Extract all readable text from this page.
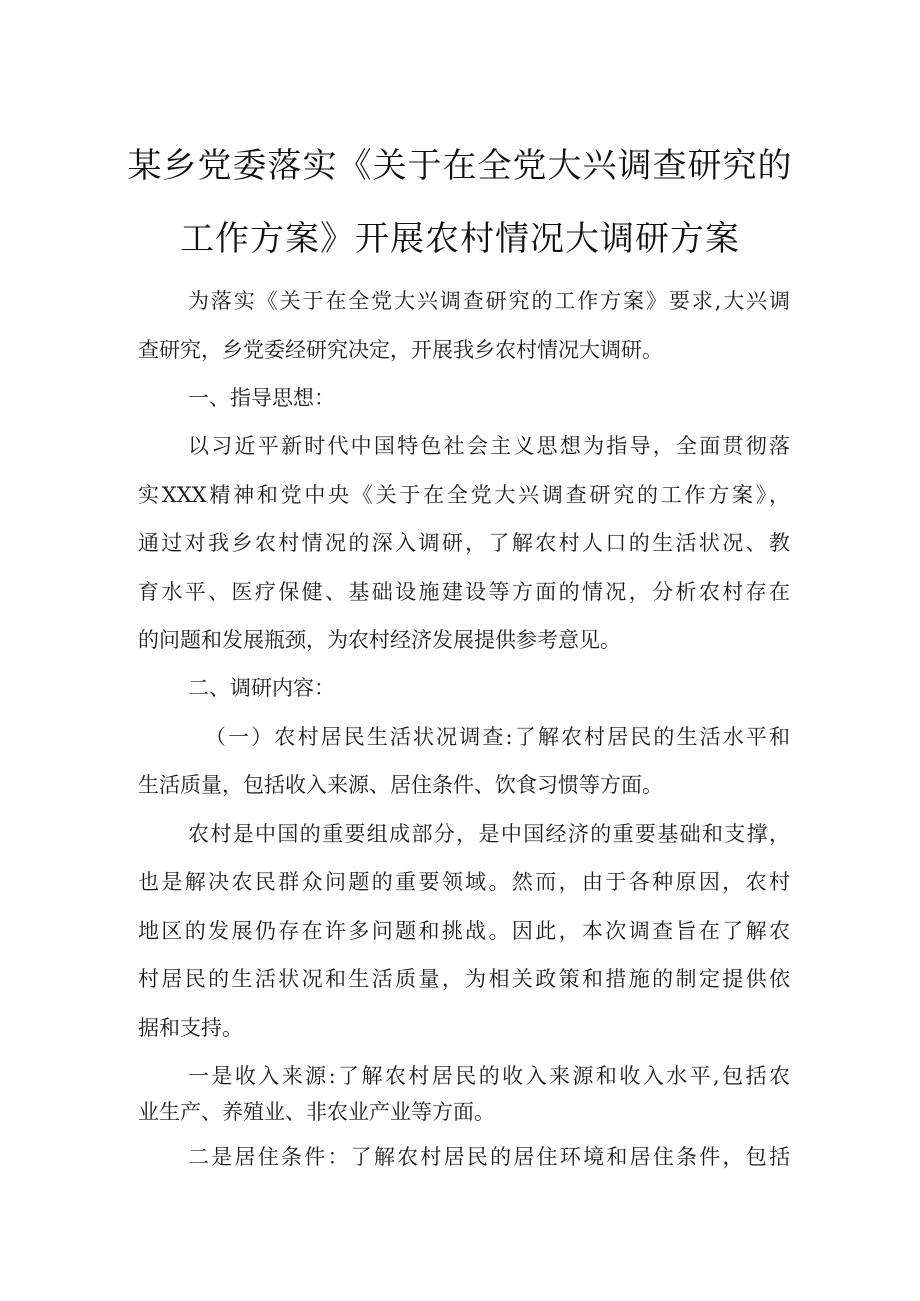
某乡党委落实《关于在全党大兴调查研究的
工作方案》开展农村情况大调研方案
为落实《关于在全党大兴调查研究的工作方案》要求,大兴调
查研究，乡党委经研究决定，开展我乡农村情况大调研。
一、指导思想：
以习近平新时代中国特色社会主义思想为指导，全面贯彻落
实XXX精神和党中央《关于在全党大兴调查研究的工作方案》，
通过对我乡农村情况的深入调研，了解农村人口的生活状况、教
育水平、医疗保健、基础设施建设等方面的情况，分析农村存在
的问题和发展瓶颈，为农村经济发展提供参考意见。
二、调研内容：
（一）农村居民生活状况调查:了解农村居民的生活水平和
生活质量，包括收入来源、居住条件、饮食习惯等方面。
农村是中国的重要组成部分，是中国经济的重要基础和支撑，
也是解决农民群众问题的重要领域。然而，由于各种原因，农村
地区的发展仍存在许多问题和挑战。因此，本次调查旨在了解农
村居民的生活状况和生活质量，为相关政策和措施的制定提供依
据和支持。
一是收入来源:了解农村居民的收入来源和收入水平,包括农
业生产、养殖业、非农业产业等方面。
二是居住条件：了解农村居民的居住环境和居住条件，包括
